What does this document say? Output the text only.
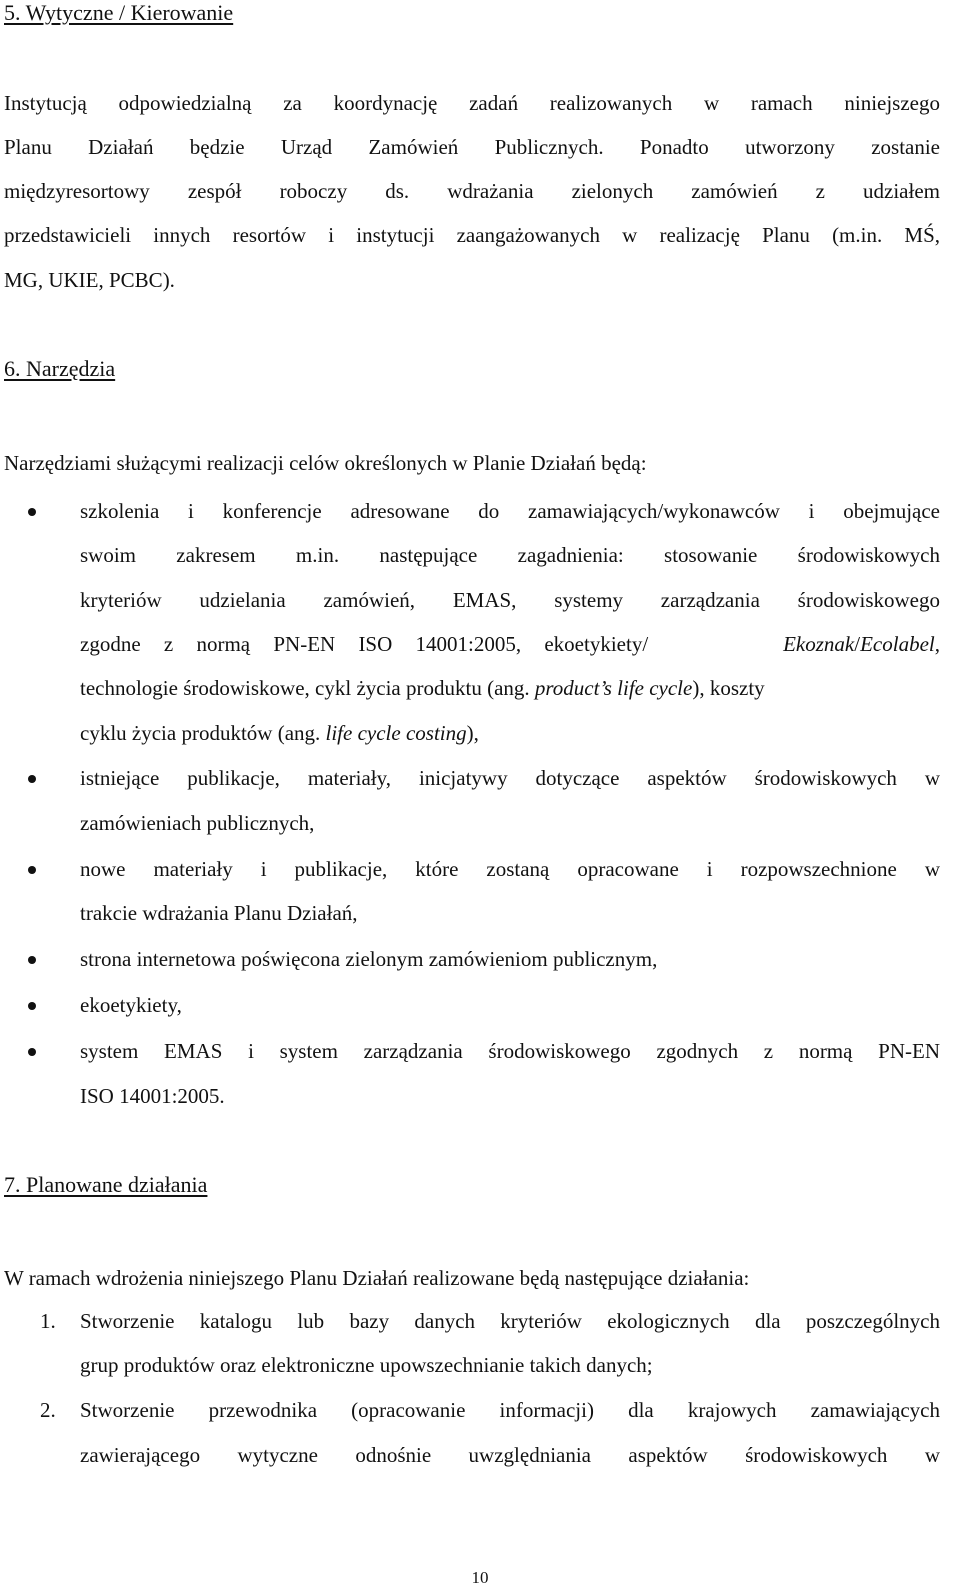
5. Wytyczne / Kierowanie
Instytucją odpowiedzialną za koordynację zadań realizowanych w ramach niniejszego
Planu Działań będzie Urząd Zamówień Publicznych. Ponadto utworzony zostanie
międzyresortowy zespół roboczy ds. wdrażania zielonych zamówień z udziałem
przedstawicieli innych resortów i instytucji zaangażowanych w realizację Planu (m.in. MŚ,
MG, UKIE, PCBC).
6. Narzędzia
Narzędziami służącymi realizacji celów określonych w Planie Działań będą:
szkolenia i konferencje adresowane do zamawiających/wykonawców i obejmujące
swoim zakresem m.in. następujące zagadnienia: stosowanie środowiskowych
kryteriów udzielania zamówień, EMAS, systemy zarządzania środowiskowego
zgodne z normą PN-EN ISO 14001:2005, ekoetykiety/	Ekoznak/Ecolabel,
technologie środowiskowe, cykl życia produktu (ang. product’s life cycle), koszty
cyklu życia produktów (ang. life cycle costing),
istniejące publikacje, materiały, inicjatywy dotyczące aspektów środowiskowych w
zamówieniach publicznych,
nowe materiały i publikacje, które zostaną opracowane i rozpowszechnione w
trakcie wdrażania Planu Działań,
strona internetowa poświęcona zielonym zamówieniom publicznym,
ekoetykiety,
system EMAS i system zarządzania środowiskowego zgodnych z normą PN-EN
ISO 14001:2005.
7. Planowane działania
W ramach wdrożenia niniejszego Planu Działań realizowane będą następujące działania:
1.	Stworzenie katalogu lub bazy danych kryteriów ekologicznych dla poszczególnych
grup produktów oraz elektroniczne upowszechnianie takich danych;
2.	Stworzenie przewodnika (opracowanie informacji) dla krajowych zamawiających
zawierającego wytyczne odnośnie uwzględniania aspektów środowiskowych w
10
